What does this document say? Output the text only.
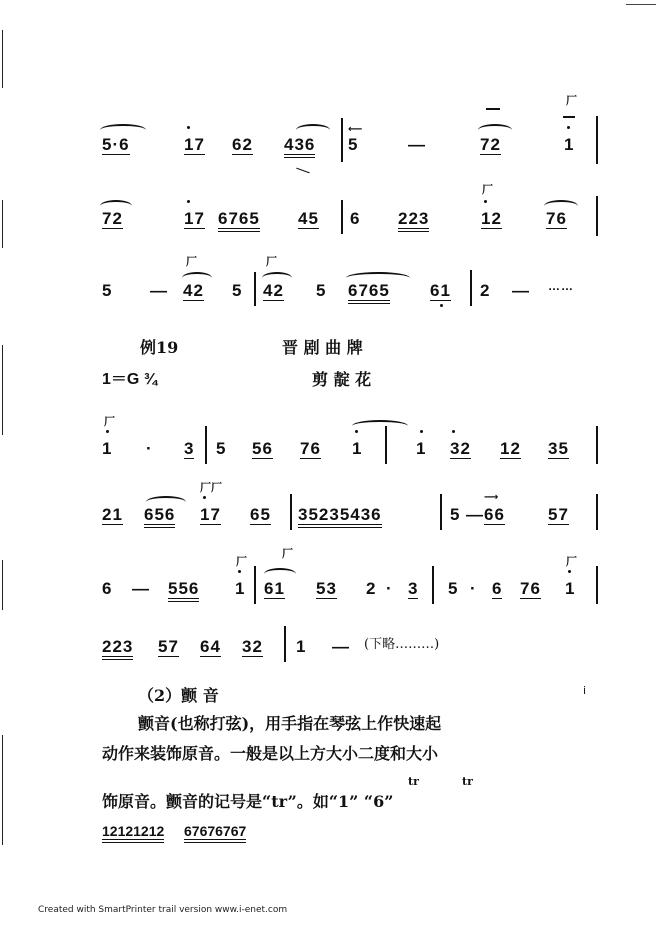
5·6	17 62 436
⟵
5	—	72
厂
1
72	17 6765 45 6 223
厂
12	76
5 —
厂
42 5
厂
42 5 6765 61 2 — ……
例19	晋 剧 曲 牌
1＝G ¾	剪 靛 花
厂
1 · 3 5 56 76 1	1 32 12 35
21 656
厂厂
17 65 35235436	5 —
⟶
66	57
6 — 556
厂
1
厂
61 53 2 · 3 5 · 6 76
厂
1
223 57 64 32 1 — (下略………)
（2）颤 音	i
颤音(也称打弦)，用手指在琴弦上作快速起
动作来装饰原音。一般是以上方大小二度和大小
tr	tr
饰原音。颤音的记号是“tr”。如“1” “6”
12121212 67676767
Created with SmartPrinter trail version www.i-enet.com
